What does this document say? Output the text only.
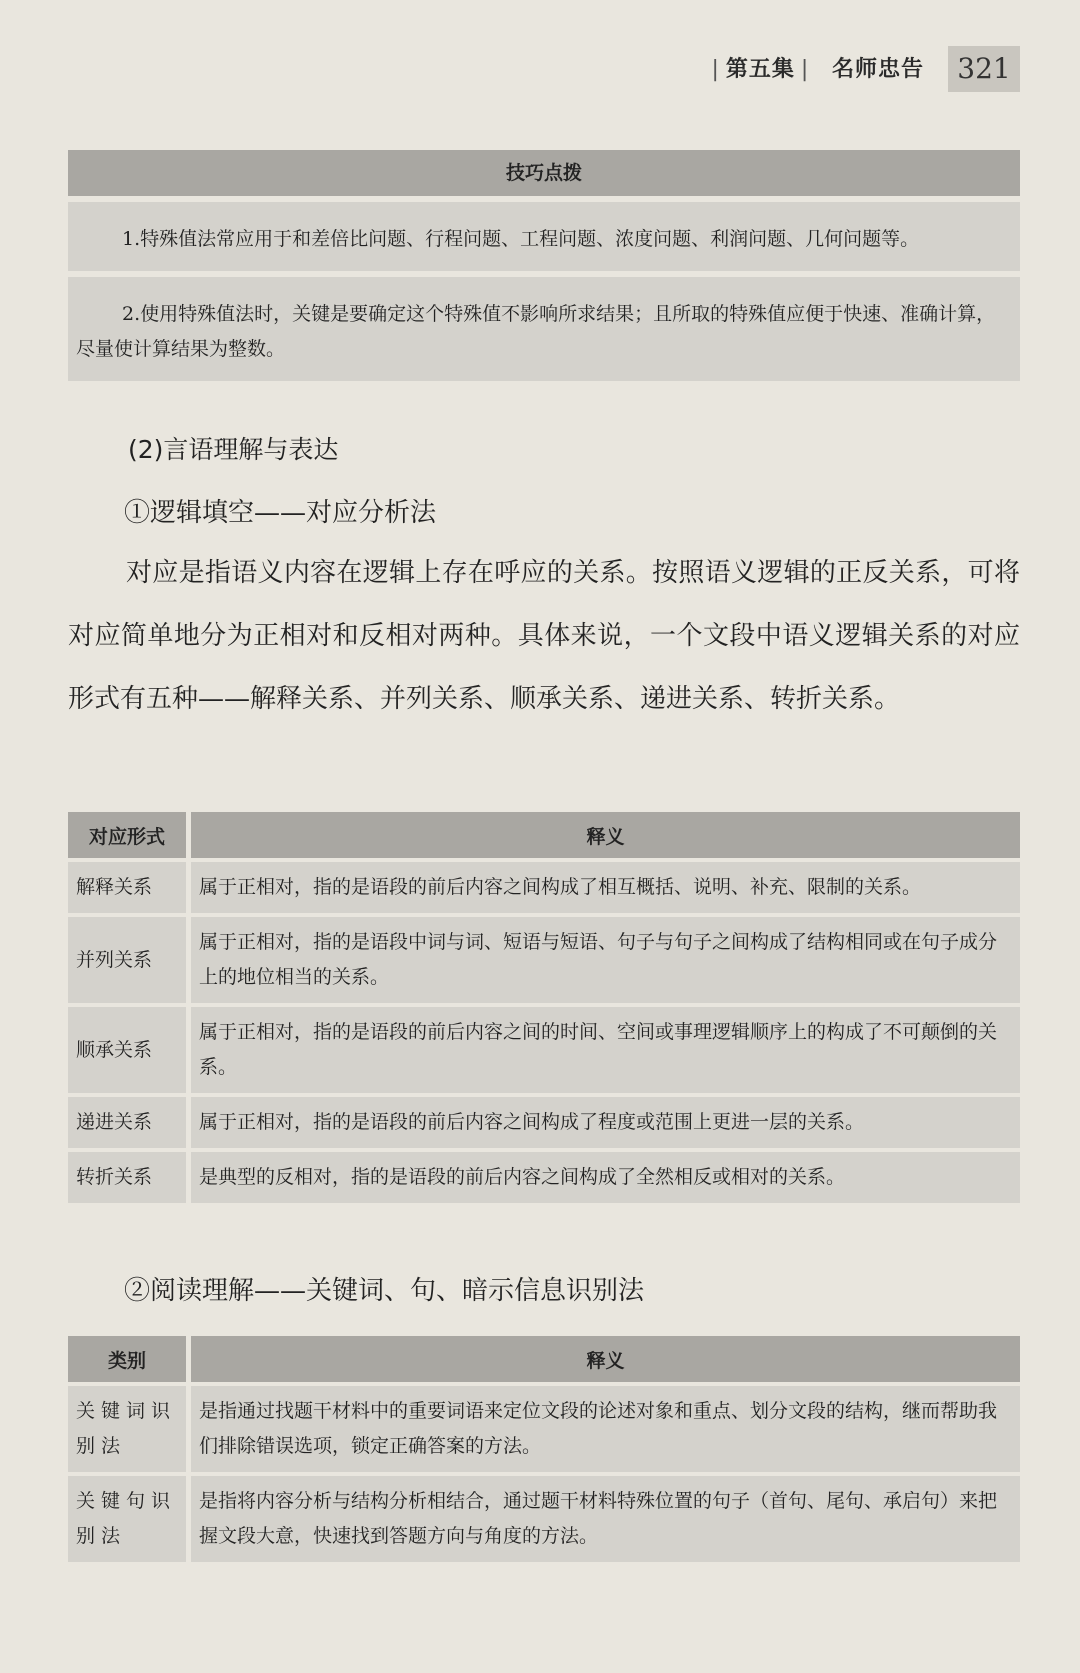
| 第五集 | 名师忠告	321
技巧点拨
1.特殊值法常应用于和差倍比问题、行程问题、工程问题、浓度问题、利润问题、几何问题等。
2.使用特殊值法时，关键是要确定这个特殊值不影响所求结果；且所取的特殊值应便于快速、准确计算，尽量使计算结果为整数。
(2)言语理解与表达
①逻辑填空——对应分析法
对应是指语义内容在逻辑上存在呼应的关系。按照语义逻辑的正反关系，可将对应简单地分为正相对和反相对两种。具体来说，一个文段中语义逻辑关系的对应形式有五种——解释关系、并列关系、顺承关系、递进关系、转折关系。
对应形式	释义
解释关系	属于正相对，指的是语段的前后内容之间构成了相互概括、说明、补充、限制的关系。
并列关系	属于正相对，指的是语段中词与词、短语与短语、句子与句子之间构成了结构相同或在句子成分上的地位相当的关系。
顺承关系	属于正相对，指的是语段的前后内容之间的时间、空间或事理逻辑顺序上的构成了不可颠倒的关系。
递进关系	属于正相对，指的是语段的前后内容之间构成了程度或范围上更进一层的关系。
转折关系	是典型的反相对，指的是语段的前后内容之间构成了全然相反或相对的关系。
②阅读理解——关键词、句、暗示信息识别法
类别	释义
关键词识别法	是指通过找题干材料中的重要词语来定位文段的论述对象和重点、划分文段的结构，继而帮助我们排除错误选项，锁定正确答案的方法。
关键句识别法	是指将内容分析与结构分析相结合，通过题干材料特殊位置的句子（首句、尾句、承启句）来把握文段大意，快速找到答题方向与角度的方法。
